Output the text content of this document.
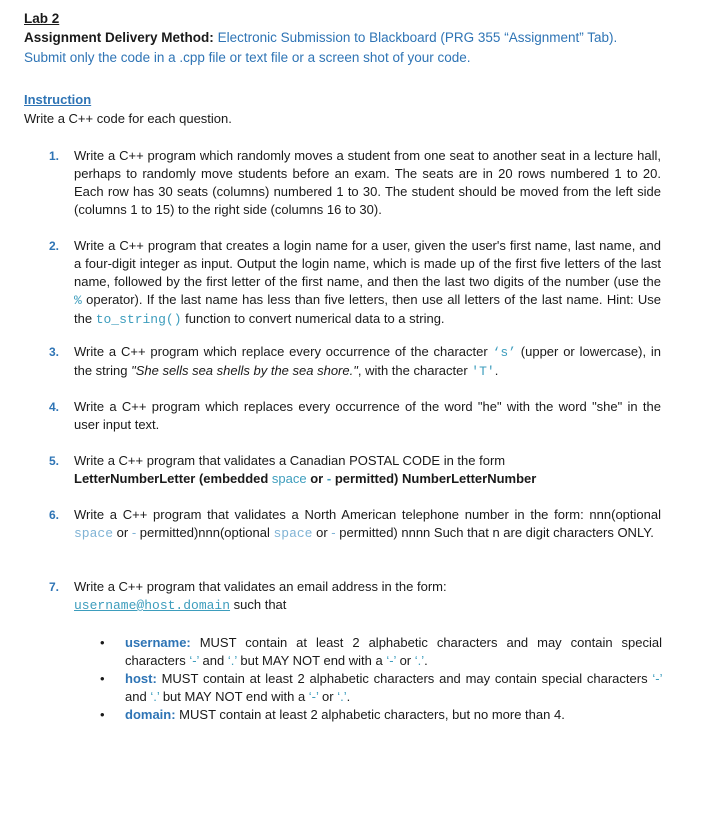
Lab 2
Assignment Delivery Method: Electronic Submission to Blackboard (PRG 355 “Assignment” Tab).
Submit only the code in a .cpp file or text file or a screen shot of your code.
Instruction
Write a C++ code for each question.
1. Write a C++ program which randomly moves a student from one seat to another seat in a lecture hall, perhaps to randomly move students before an exam. The seats are in 20 rows numbered 1 to 20. Each row has 30 seats (columns) numbered 1 to 30. The student should be moved from the left side (columns 1 to 15) to the right side (columns 16 to 30).
2. Write a C++ program that creates a login name for a user, given the user's first name, last name, and a four-digit integer as input. Output the login name, which is made up of the first five letters of the last name, followed by the first letter of the first name, and then the last two digits of the number (use the % operator). If the last name has less than five letters, then use all letters of the last name. Hint: Use the to_string() function to convert numerical data to a string.
3. Write a C++ program which replace every occurrence of the character ‘s’ (upper or lowercase), in the string "She sells sea shells by the sea shore.", with the character 'T'.
4. Write a C++ program which replaces every occurrence of the word "he" with the word "she" in the user input text.
5. Write a C++ program that validates a Canadian POSTAL CODE in the form
LetterNumberLetter (embedded space or - permitted) NumberLetterNumber
6. Write a C++ program that validates a North American telephone number in the form: nnn(optional space or - permitted)nnn(optional space or - permitted) nnnn Such that n are digit characters ONLY.
7. Write a C++ program that validates an email address in the form:
username@host.domain such that
• username: MUST contain at least 2 alphabetic characters and may contain special characters ‘-’ and ‘.’ but MAY NOT end with a ‘-’ or ‘.’.
• host: MUST contain at least 2 alphabetic characters and may contain special characters ‘-’ and ‘.’ but MAY NOT end with a ‘-’ or ‘.’.
• domain: MUST contain at least 2 alphabetic characters, but no more than 4.
